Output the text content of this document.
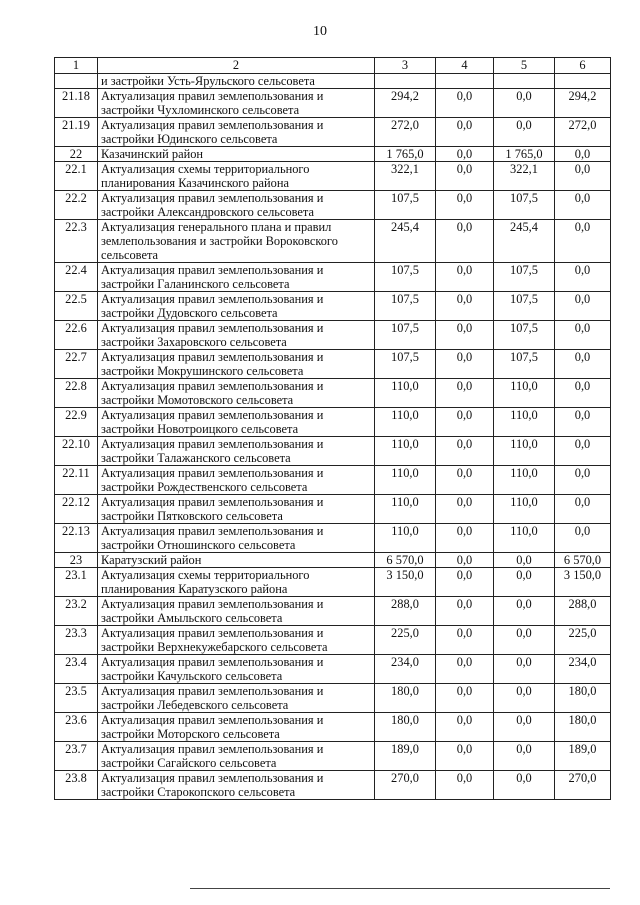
10
1	2	3	4	5	6
	и застройки Усть-Ярульского сельсовета				
21.18	Актуализация правил землепользования и застройки Чухломинского сельсовета	294,2	0,0	0,0	294,2
21.19	Актуализация правил землепользования и застройки Юдинского сельсовета	272,0	0,0	0,0	272,0
22	Казачинский район	1 765,0	0,0	1 765,0	0,0
22.1	Актуализация схемы территориального планирования Казачинского района	322,1	0,0	322,1	0,0
22.2	Актуализация правил землепользования и застройки Александровского сельсовета	107,5	0,0	107,5	0,0
22.3	Актуализация генерального плана и правил землепользования и застройки Вороковского сельсовета	245,4	0,0	245,4	0,0
22.4	Актуализация правил землепользования и застройки Галанинского сельсовета	107,5	0,0	107,5	0,0
22.5	Актуализация правил землепользования и застройки Дудовского сельсовета	107,5	0,0	107,5	0,0
22.6	Актуализация правил землепользования и застройки Захаровского сельсовета	107,5	0,0	107,5	0,0
22.7	Актуализация правил землепользования и застройки Мокрушинского сельсовета	107,5	0,0	107,5	0,0
22.8	Актуализация правил землепользования и застройки Момотовского сельсовета	110,0	0,0	110,0	0,0
22.9	Актуализация правил землепользования и застройки Новотроицкого сельсовета	110,0	0,0	110,0	0,0
22.10	Актуализация правил землепользования и застройки Талажанского сельсовета	110,0	0,0	110,0	0,0
22.11	Актуализация правил землепользования и застройки Рождественского сельсовета	110,0	0,0	110,0	0,0
22.12	Актуализация правил землепользования и застройки Пятковского сельсовета	110,0	0,0	110,0	0,0
22.13	Актуализация правил землепользования и застройки Отношинского сельсовета	110,0	0,0	110,0	0,0
23	Каратузский район	6 570,0	0,0	0,0	6 570,0
23.1	Актуализация схемы территориального планирования Каратузского района	3 150,0	0,0	0,0	3 150,0
23.2	Актуализация правил землепользования и застройки Амыльского сельсовета	288,0	0,0	0,0	288,0
23.3	Актуализация правил землепользования и застройки Верхнекужебарского сельсовета	225,0	0,0	0,0	225,0
23.4	Актуализация правил землепользования и застройки Качульского сельсовета	234,0	0,0	0,0	234,0
23.5	Актуализация правил землепользования и застройки Лебедевского сельсовета	180,0	0,0	0,0	180,0
23.6	Актуализация правил землепользования и застройки Моторского сельсовета	180,0	0,0	0,0	180,0
23.7	Актуализация правил землепользования и застройки Сагайского сельсовета	189,0	0,0	0,0	189,0
23.8	Актуализация правил землепользования и застройки Старокопского сельсовета	270,0	0,0	0,0	270,0
